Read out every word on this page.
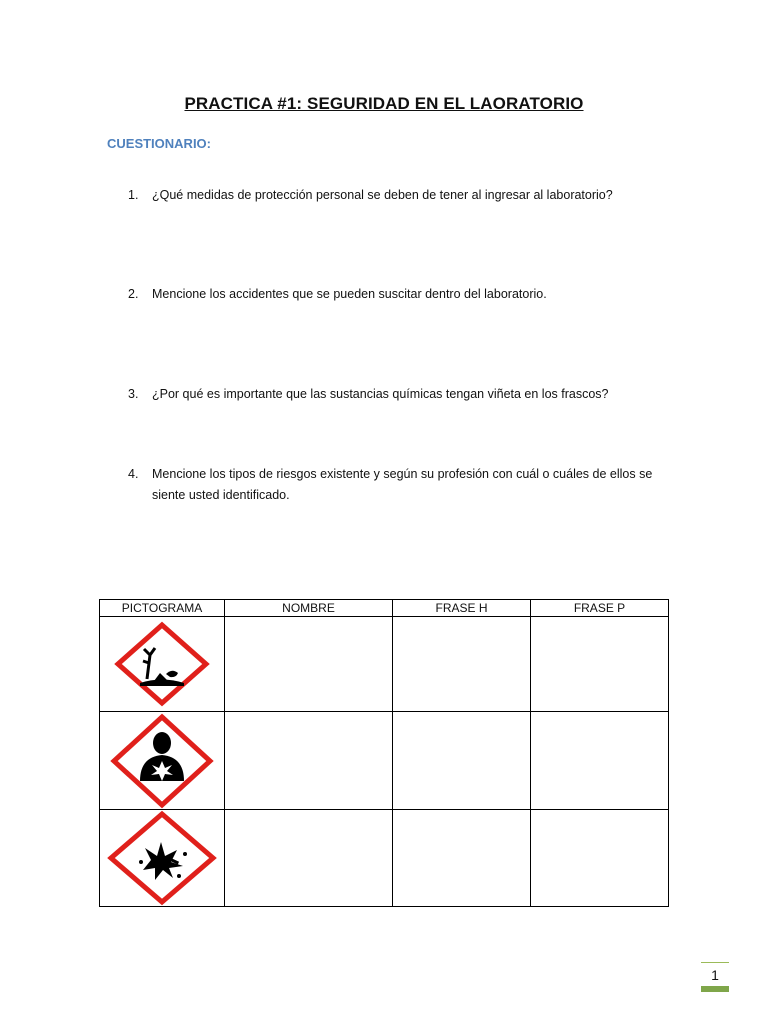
PRACTICA #1: SEGURIDAD EN EL LAORATORIO
CUESTIONARIO:
1. ¿Qué medidas de protección personal se deben de tener al ingresar al laboratorio?
2. Mencione los accidentes que se pueden suscitar dentro del laboratorio.
3. ¿Por qué es importante que las sustancias químicas tengan viñeta en los frascos?
4. Mencione los tipos de riesgos existente y según su profesión con cuál o cuáles de ellos se siente usted identificado.
PICTOGRAMA	NOMBRE	FRASE H	FRASE P

1
